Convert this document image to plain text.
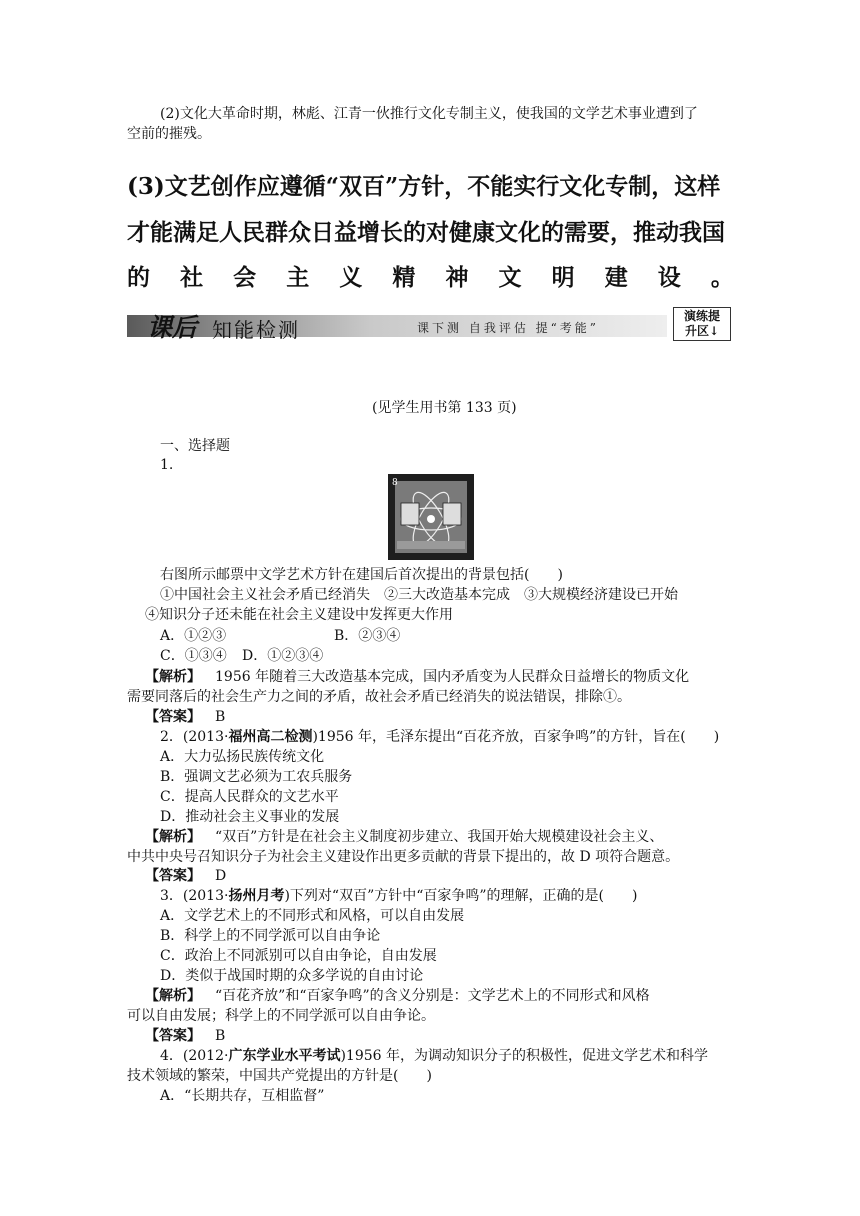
(2)文化大革命时期，林彪、江青一伙推行文化专制主义，使我国的文学艺术事业遭到了
空前的摧残。
(3)文艺创作应遵循“双百”方针，不能实行文化专制，这样
才能满足人民群众日益增长的对健康文化的需要，推动我国
的 社 会 主 义 精 神 文 明 建 设 。
课后 知能检测	课下测 自我评估 提“考能”
演练提
升区↓
(见学生用书第 133 页)
一、选择题
1.
8
右图所示邮票中文学艺术方针在建国后首次提出的背景包括(　　)
①中国社会主义社会矛盾已经消失　②三大改造基本完成　③大规模经济建设已开始
④知识分子还未能在社会主义建设中发挥更大作用
A．①②③	B．②③④
C．①③④ D．①②③④
【解析】 1956 年随着三大改造基本完成，国内矛盾变为人民群众日益增长的物质文化
需要同落后的社会生产力之间的矛盾，故社会矛盾已经消失的说法错误，排除①。
【答案】 B
2．(2013·福州高二检测)1956 年，毛泽东提出“百花齐放，百家争鸣”的方针，旨在(　　)
A．大力弘扬民族传统文化
B．强调文艺必须为工农兵服务
C．提高人民群众的文艺水平
D．推动社会主义事业的发展
【解析】 “双百”方针是在社会主义制度初步建立、我国开始大规模建设社会主义、
中共中央号召知识分子为社会主义建设作出更多贡献的背景下提出的，故 D 项符合题意。
【答案】 D
3．(2013·扬州月考)下列对“双百”方针中“百家争鸣”的理解，正确的是(　　)
A．文学艺术上的不同形式和风格，可以自由发展
B．科学上的不同学派可以自由争论
C．政治上不同派别可以自由争论，自由发展
D．类似于战国时期的众多学说的自由讨论
【解析】 “百花齐放”和“百家争鸣”的含义分别是：文学艺术上的不同形式和风格
可以自由发展；科学上的不同学派可以自由争论。
【答案】 B
4．(2012·广东学业水平考试)1956 年，为调动知识分子的积极性，促进文学艺术和科学
技术领域的繁荣，中国共产党提出的方针是(　　)
A．“长期共存，互相监督”
